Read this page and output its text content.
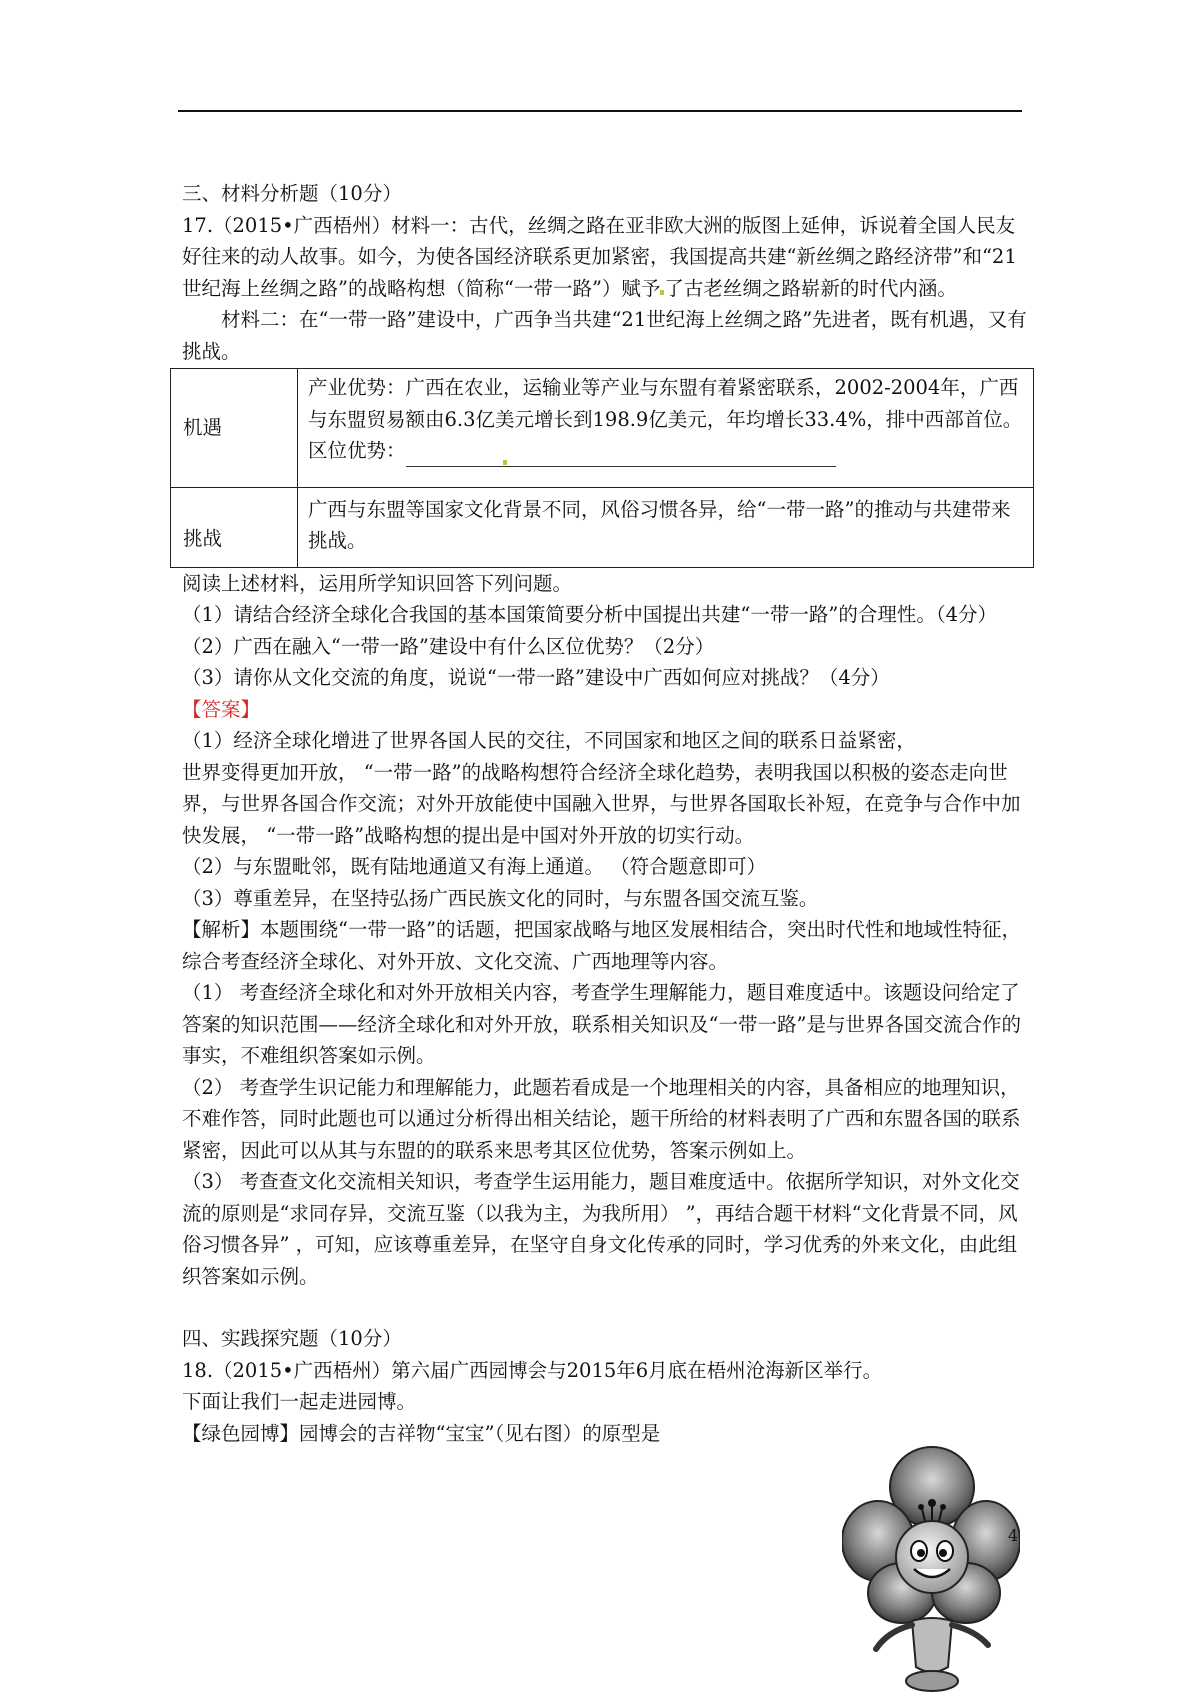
三、材料分析题（10分）

17.（2015•广西梧州）材料一：古代，丝绸之路在亚非欧大洲的版图上延伸，诉说着全国人民友好往来的动人故事。如今，为使各国经济联系更加紧密，我国提高共建“新丝绸之路经济带”和“21世纪海上丝绸之路”的战略构想（简称“一带一路”）赋予 了古老丝绸之路崭新的时代内涵。

材料二：在“一带一路”建设中，广西争当共建“21世纪海上丝绸之路”先进者，既有机遇，又有挑战。

机遇	产业优势：广西在农业，运输业等产业与东盟有着紧密联系，2002-2004年，广西与东盟贸易额由6.3亿美元增长到198.9亿美元，年均增长33.4%，排中西部首位。

区位优势：

挑战	广西与东盟等国家文化背景不同，风俗习惯各异，给“一带一路”的推动与共建带来挑战。

阅读上述材料，运用所学知识回答下列问题。

（1）请结合经济全球化合我国的基本国策简要分析中国提出共建“一带一路”的合理性。（4分）

（2）广西在融入“一带一路”建设中有什么区位优势？（2分）

（3）请你从文化交流的角度，说说“一带一路”建设中广西如何应对挑战？（4分）

【答案】

（1）经济全球化增进了世界各国人民的交往，不同国家和地区之间的联系日益紧密，

世界变得更加开放， “一带一路”的战略构想符合经济全球化趋势，表明我国以积极的姿态走向世界，与世界各国合作交流；对外开放能使中国融入世界，与世界各国取长补短，在竞争与合作中加快发展， “一带一路”战略构想的提出是中国对外开放的切实行动。

（2）与东盟毗邻，既有陆地通道又有海上通道。 （符合题意即可）

（3）尊重差异，在坚持弘扬广西民族文化的同时，与东盟各国交流互鉴。

【解析】本题围绕“一带一路”的话题，把国家战略与地区发展相结合，突出时代性和地域性特征，综合考查经济全球化、对外开放、文化交流、广西地理等内容。

（1） 考查经济全球化和对外开放相关内容，考查学生理解能力，题目难度适中。该题设问给定了答案的知识范围——经济全球化和对外开放，联系相关知识及“一带一路”是与世界各国交流合作的事实，不难组织答案如示例。

（2） 考查学生识记能力和理解能力，此题若看成是一个地理相关的内容，具备相应的地理知识，不难作答，同时此题也可以通过分析得出相关结论，题干所给的材料表明了广西和东盟各国的联系紧密，因此可以从其与东盟的的联系来思考其区位优势，答案示例如上。

（3） 考查查文化交流相关知识，考查学生运用能力，题目难度适中。依据所学知识，对外文化交流的原则是“求同存异，交流互鉴（以我为主，为我所用） ”，再结合题干材料“文化背景不同，风俗习惯各异” ，可知，应该尊重差异，在坚守自身文化传承的同时，学习优秀的外来文化，由此组织答案如示例。

四、实践探究题（10分）

18.（2015•广西梧州）第六届广西园博会与2015年6月底在梧州沧海新区举行。

下面让我们一起走进园博。

【绿色园博】园博会的吉祥物“宝宝”（见右图）的原型是

4
